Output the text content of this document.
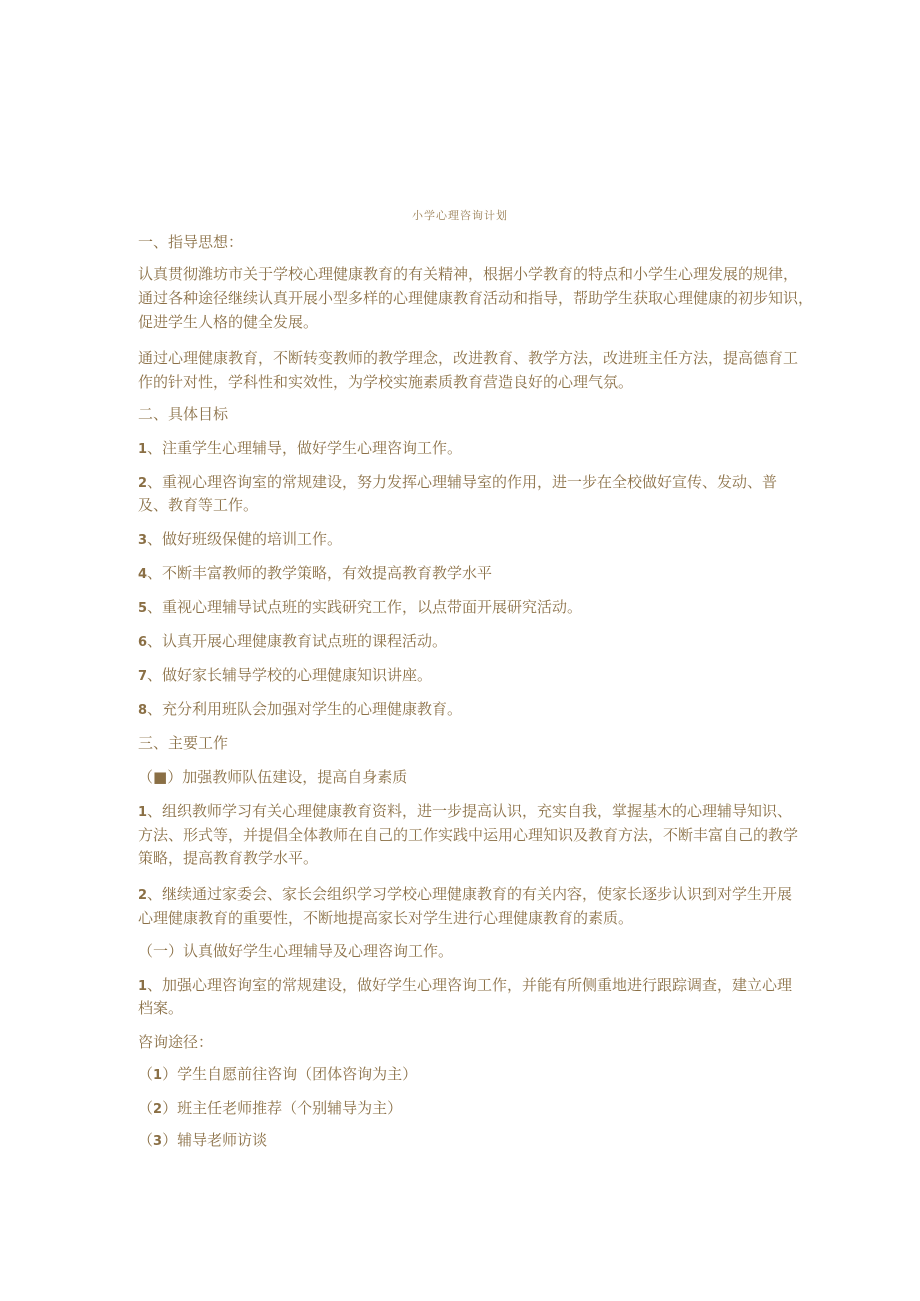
小学心理咨询计划
一、指导思想：
认真贯彻潍坊市关于学校心理健康教育的有关精神，根据小学教育的特点和小学生心理发展的规律，
通过各种途径继续认真开展小型多样的心理健康教育活动和指导，帮助学生获取心理健康的初步知识，
促进学生人格的健全发展。
通过心理健康教育，不断转变教师的教学理念，改进教育、教学方法，改进班主任方法，提高德育工
作的针对性，学科性和实效性，为学校实施素质教育营造良好的心理气氛。
二、具体目标
1、注重学生心理辅导，做好学生心理咨询工作。
2、重视心理咨询室的常规建设，努力发挥心理辅导室的作用，进一步在全校做好宣传、发动、普
及、教育等工作。
3、做好班级保健的培训工作。
4、不断丰富教师的教学策略，有效提高教育教学水平
5、重视心理辅导试点班的实践研究工作，以点带面开展研究活动。
6、认真开展心理健康教育试点班的课程活动。
7、做好家长辅导学校的心理健康知识讲座。
8、充分利用班队会加强对学生的心理健康教育。
三、主要工作
（■）加强教师队伍建设，提高自身素质
1、组织教师学习有关心理健康教育资料，进一步提高认识，充实自我，掌握基木的心理辅导知识、
方法、形式等，并提倡全体教师在自己的工作实践中运用心理知识及教育方法，不断丰富自己的教学
策略，提高教育教学水平。
2、继续通过家委会、家长会组织学习学校心理健康教育的有关内容，使家长逐步认识到对学生开展
心理健康教育的重要性，不断地提高家长对学生进行心理健康教育的素质。
（一）认真做好学生心理辅导及心理咨询工作。
1、加强心理咨询室的常规建设，做好学生心理咨询工作，并能有所侧重地进行跟踪调查，建立心理
档案。
咨询途径：
（1）学生自愿前往咨询（团体咨询为主）
（2）班主任老师推荐（个别辅导为主）
（3）辅导老师访谈
